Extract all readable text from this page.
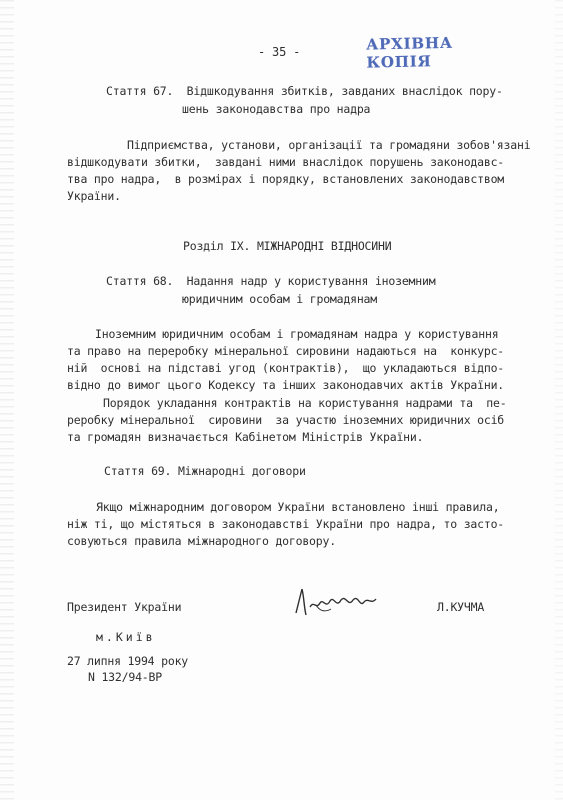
- 35 -	АРХІВНА КОПІЯ
Стаття 67.  Відшкодування збитків, завданих внаслідок пору-
шень законодавства про надра
Підприємства, установи, організації та громадяни зобов'язані
відшкодувати збитки,  завдані ними внаслідок порушень законодавс-
тва про надра,  в розмірах і порядку, встановлених законодавством
України.
Розділ IX. МІЖНАРОДНІ ВІДНОСИНИ
Стаття 68.  Надання надр у користування іноземним
юридичним особам і громадянам
Іноземним юридичним особам і громадянам надра у користування
та право на переробку мінеральної сировини надаються на  конкурс-
ній  основі на підставі угод (контрактів),  що укладаються відпо-
відно до вимог цього Кодексу та інших законодавчих актів України.
Порядок укладання контрактів на користування надрами та  пе-
реробку мінеральної  сировини  за участю іноземних юридичних осіб
та громадян визначається Кабінетом Міністрів України.
Стаття 69. Міжнародні договори
Якщо міжнародним договором України встановлено інші правила,
ніж ті, що містяться в законодавстві України про надра, то засто-
совуються правила міжнародного договору.
Президент України	Л.КУЧМА
м.Київ
27 липня 1994 року
N 132/94-ВР
